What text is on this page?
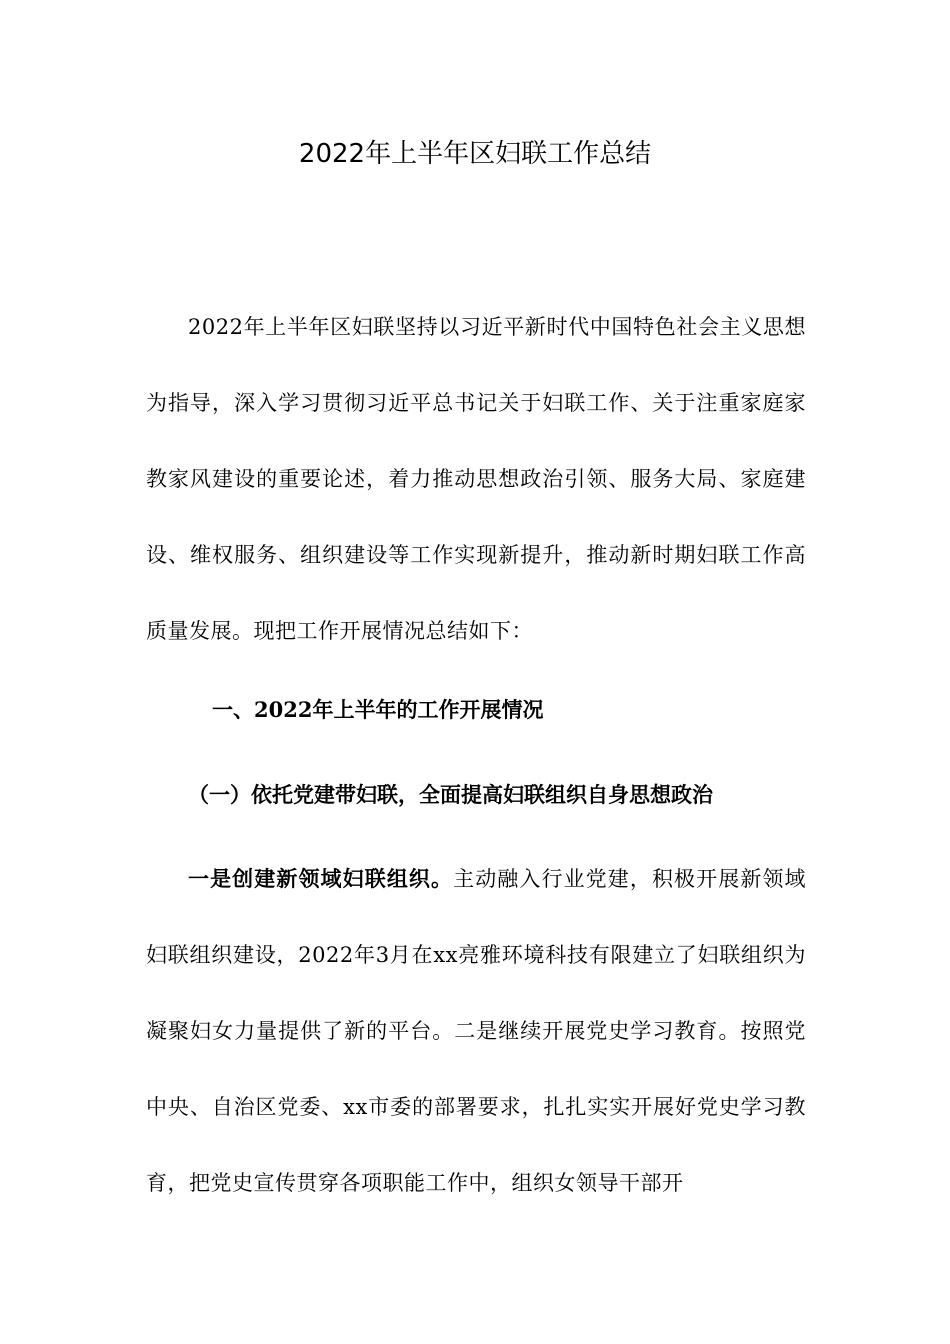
2022年上半年区妇联工作总结

2022年上半年区妇联坚持以习近平新时代中国特色社会主义思想为指导，深入学习贯彻习近平总书记关于妇联工作、关于注重家庭家教家风建设的重要论述，着力推动思想政治引领、服务大局、家庭建设、维权服务、组织建设等工作实现新提升，推动新时期妇联工作高质量发展。现把工作开展情况总结如下：

一、2022年上半年的工作开展情况

（一）依托党建带妇联，全面提高妇联组织自身思想政治

一是创建新领域妇联组织。主动融入行业党建，积极开展新领域妇联组织建设，2022年3月在xx亮雅环境科技有限建立了妇联组织为凝聚妇女力量提供了新的平台。二是继续开展党史学习教育。按照党中央、自治区党委、xx市委的部署要求，扎扎实实开展好党史学习教育，把党史宣传贯穿各项职能工作中，组织女领导干部开
